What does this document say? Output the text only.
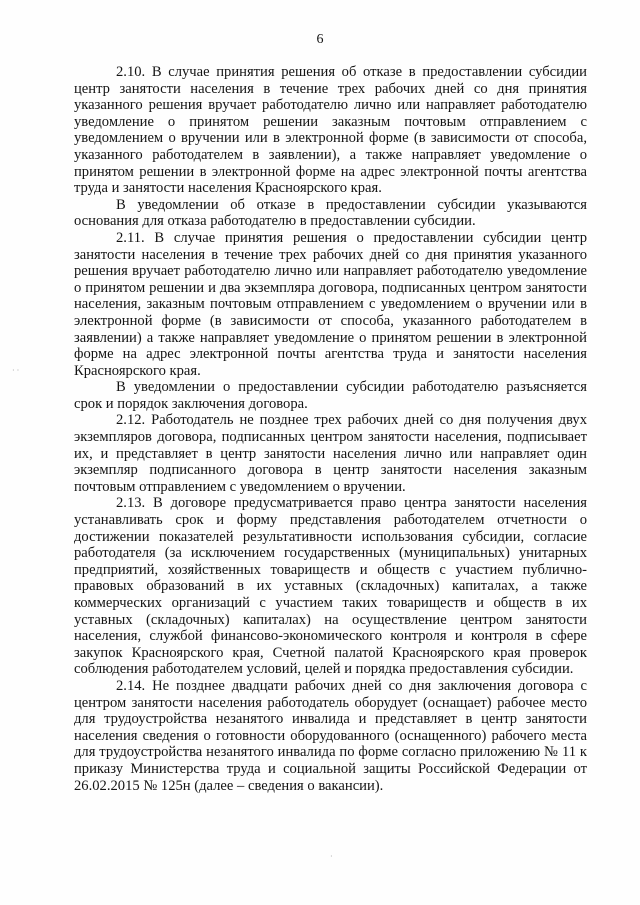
6

2.10. В случае принятия решения об отказе в предоставлении субсидии центр занятости населения в течение трех рабочих дней со дня принятия указанного решения вручает работодателю лично или направляет работодателю уведомление о принятом решении заказным почтовым отправлением с уведомлением о вручении или в электронной форме (в зависимости от способа, указанного работодателем в заявлении), а также направляет уведомление о принятом решении в электронной форме на адрес электронной почты агентства труда и занятости населения Красноярского края.

В уведомлении об отказе в предоставлении субсидии указываются основания для отказа работодателю в предоставлении субсидии.

2.11. В случае принятия решения о предоставлении субсидии центр занятости населения в течение трех рабочих дней со дня принятия указанного решения вручает работодателю лично или направляет работодателю уведомление о принятом решении и два экземпляра договора, подписанных центром занятости населения, заказным почтовым отправлением с уведомлением о вручении или в электронной форме (в зависимости от способа, указанного работодателем в заявлении) а также направляет уведомление о принятом решении в электронной форме на адрес электронной почты агентства труда и занятости населения Красноярского края.

В уведомлении о предоставлении субсидии работодателю разъясняется срок и порядок заключения договора.

2.12. Работодатель не позднее трех рабочих дней со дня получения двух экземпляров договора, подписанных центром занятости населения, подписывает их, и представляет в центр занятости населения лично или направляет один экземпляр подписанного договора в центр занятости населения заказным почтовым отправлением с уведомлением о вручении.

2.13. В договоре предусматривается право центра занятости населения устанавливать срок и форму представления работодателем отчетности о достижении показателей результативности использования субсидии, согласие работодателя (за исключением государственных (муниципальных) унитарных предприятий, хозяйственных товариществ и обществ с участием публично-правовых образований в их уставных (складочных) капиталах, а также коммерческих организаций с участием таких товариществ и обществ в их уставных (складочных) капиталах) на осуществление центром занятости населения, службой финансово-экономического контроля и контроля в сфере закупок Красноярского края, Счетной палатой Красноярского края проверок соблюдения работодателем условий, целей и порядка предоставления субсидии.

2.14. Не позднее двадцати рабочих дней со дня заключения договора с центром занятости населения работодатель оборудует (оснащает) рабочее место для трудоустройства незанятого инвалида и представляет в центр занятости населения сведения о готовности оборудованного (оснащенного) рабочего места для трудоустройства незанятого инвалида по форме согласно приложению № 11 к приказу Министерства труда и социальной защиты Российской Федерации от 26.02.2015 № 125н (далее – сведения о вакансии).

· ·
·
